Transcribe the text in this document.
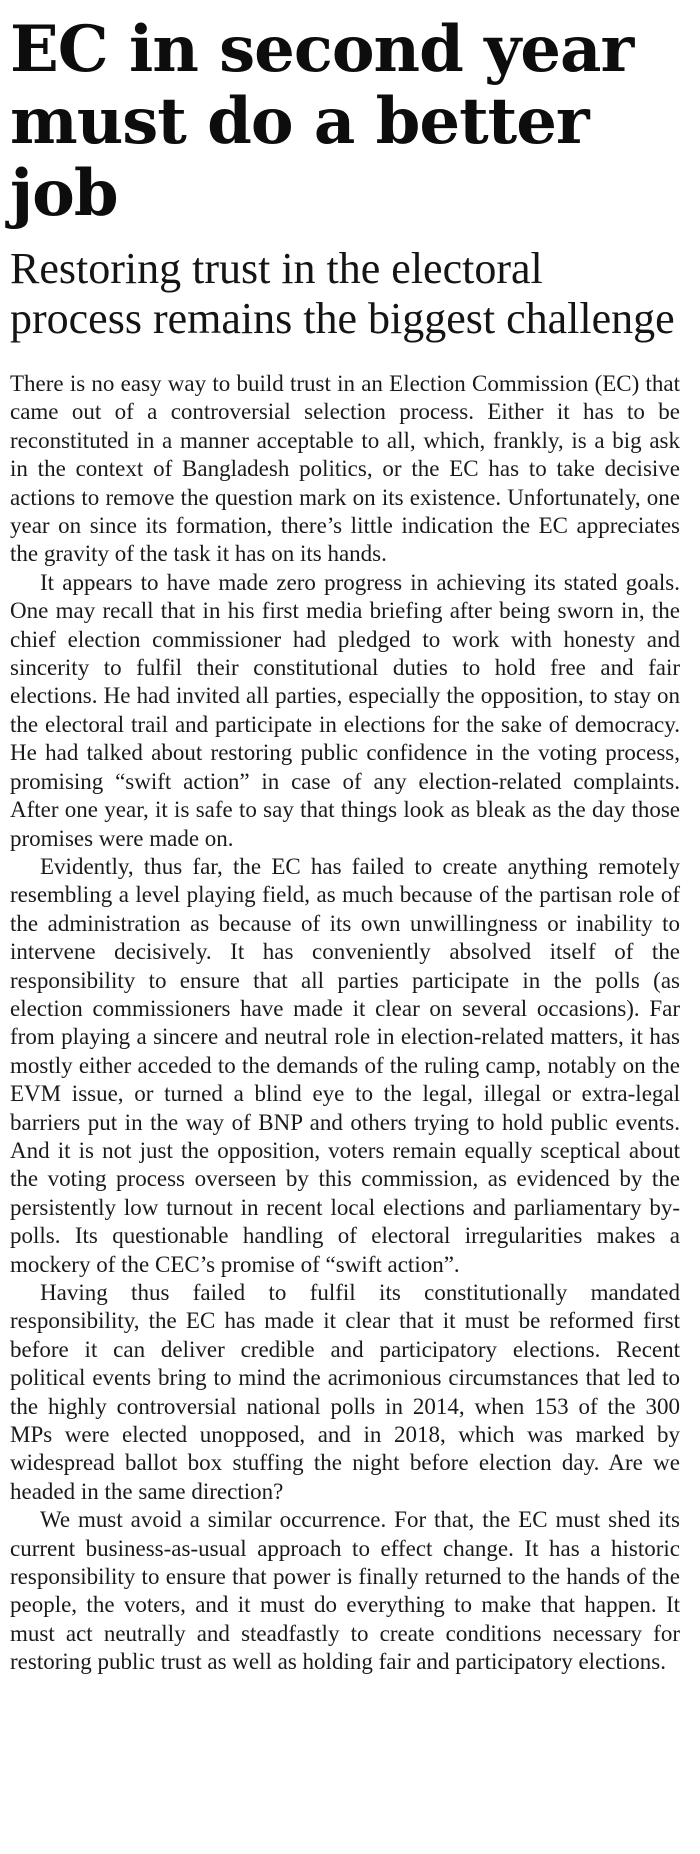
EC in second year must do a better job
Restoring trust in the electoral process remains the biggest challenge

There is no easy way to build trust in an Election Commission (EC) that came out of a controversial selection process. Either it has to be reconstituted in a manner acceptable to all, which, frankly, is a big ask in the context of Bangladesh politics, or the EC has to take decisive actions to remove the question mark on its existence. Unfortunately, one year on since its formation, there’s little indication the EC appreciates the gravity of the task it has on its hands.

It appears to have made zero progress in achieving its stated goals. One may recall that in his first media briefing after being sworn in, the chief election commissioner had pledged to work with honesty and sincerity to fulfil their constitutional duties to hold free and fair elections. He had invited all parties, especially the opposition, to stay on the electoral trail and participate in elections for the sake of democracy. He had talked about restoring public confidence in the voting process, promising “swift action” in case of any election-related complaints. After one year, it is safe to say that things look as bleak as the day those promises were made on.

Evidently, thus far, the EC has failed to create anything remotely resembling a level playing field, as much because of the partisan role of the administration as because of its own unwillingness or inability to intervene decisively. It has conveniently absolved itself of the responsibility to ensure that all parties participate in the polls (as election commissioners have made it clear on several occasions). Far from playing a sincere and neutral role in election-related matters, it has mostly either acceded to the demands of the ruling camp, notably on the EVM issue, or turned a blind eye to the legal, illegal or extra-legal barriers put in the way of BNP and others trying to hold public events. And it is not just the opposition, voters remain equally sceptical about the voting process overseen by this commission, as evidenced by the persistently low turnout in recent local elections and parliamentary by-polls. Its questionable handling of electoral irregularities makes a mockery of the CEC’s promise of “swift action”.

Having thus failed to fulfil its constitutionally mandated responsibility, the EC has made it clear that it must be reformed first before it can deliver credible and participatory elections. Recent political events bring to mind the acrimonious circumstances that led to the highly controversial national polls in 2014, when 153 of the 300 MPs were elected unopposed, and in 2018, which was marked by widespread ballot box stuffing the night before election day. Are we headed in the same direction?

We must avoid a similar occurrence. For that, the EC must shed its current business-as-usual approach to effect change. It has a historic responsibility to ensure that power is finally returned to the hands of the people, the voters, and it must do everything to make that happen. It must act neutrally and steadfastly to create conditions necessary for restoring public trust as well as holding fair and participatory elections.
